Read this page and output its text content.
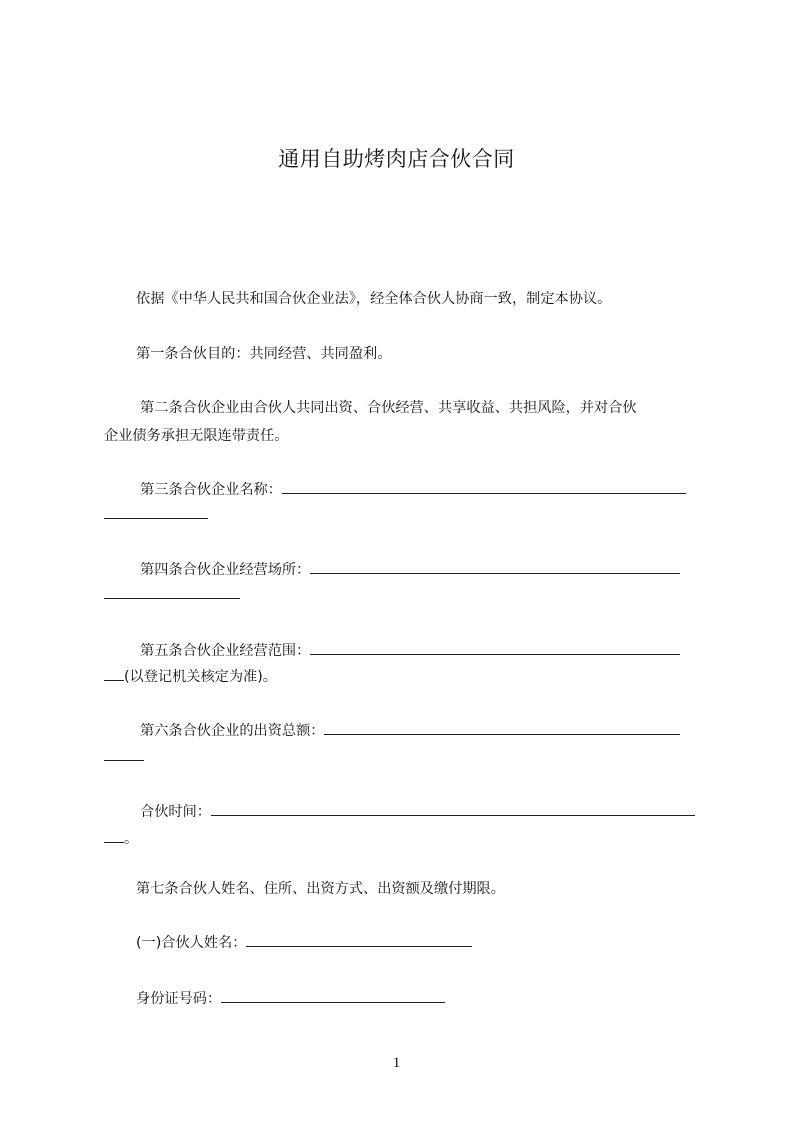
通用自助烤肉店合伙合同
依据《中华人民共和国合伙企业法》，经全体合伙人协商一致，制定本协议。
第一条合伙目的：共同经营、共同盈利。
第二条合伙企业由合伙人共同出资、合伙经营、共享收益、共担风险，并对合伙
企业债务承担无限连带责任。
第三条合伙企业名称：
第四条合伙企业经营场所：
第五条合伙企业经营范围：
(以登记机关核定为准)。
第六条合伙企业的出资总额：
合伙时间：
。
第七条合伙人姓名、住所、出资方式、出资额及缴付期限。
(一)合伙人姓名：
身份证号码：
1
